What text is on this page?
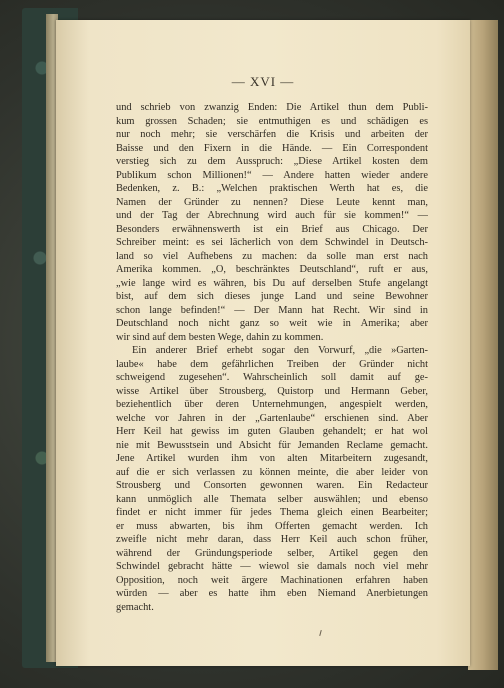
— XVI —
und schrieb von zwanzig Enden: Die Artikel thun dem Publi-
kum grossen Schaden; sie entmuthigen es und schädigen es
nur noch mehr; sie verschärfen die Krisis und arbeiten der
Baisse und den Fixern in die Hände. — Ein Correspondent
verstieg sich zu dem Ausspruch: „Diese Artikel kosten dem
Publikum schon Millionen!“ — Andere hatten wieder andere
Bedenken, z. B.: „Welchen praktischen Werth hat es, die
Namen der Gründer zu nennen? Diese Leute kennt man,
und der Tag der Abrechnung wird auch für sie kommen!“ —
Besonders erwähnenswerth ist ein Brief aus Chicago. Der
Schreiber meint: es sei lächerlich von dem Schwindel in Deutsch-
land so viel Aufhebens zu machen: da solle man erst nach
Amerika kommen. „O, beschränktes Deutschland“, ruft er aus,
„wie lange wird es währen, bis Du auf derselben Stufe angelangt
bist, auf dem sich dieses junge Land und seine Bewohner
schon lange befinden!“ — Der Mann hat Recht. Wir sind in
Deutschland noch nicht ganz so weit wie in Amerika; aber
wir sind auf dem besten Wege, dahin zu kommen.
Ein anderer Brief erhebt sogar den Vorwurf, „die »Garten-
laube« habe dem gefährlichen Treiben der Gründer nicht
schweigend zugesehen“. Wahrscheinlich soll damit auf ge-
wisse Artikel über Strousberg, Quistorp und Hermann Geber,
beziehentlich über deren Unternehmungen, angespielt werden,
welche vor Jahren in der „Gartenlaube“ erschienen sind. Aber
Herr Keil hat gewiss im guten Glauben gehandelt; er hat wol
nie mit Bewusstsein und Absicht für Jemanden Reclame gemacht.
Jene Artikel wurden ihm von alten Mitarbeitern zugesandt,
auf die er sich verlassen zu können meinte, die aber leider von
Strousberg und Consorten gewonnen waren. Ein Redacteur
kann unmöglich alle Themata selber auswählen; und ebenso
findet er nicht immer für jedes Thema gleich einen Bearbeiter;
er muss abwarten, bis ihm Offerten gemacht werden. Ich
zweifle nicht mehr daran, dass Herr Keil auch schon früher,
während der Gründungsperiode selber, Artikel gegen den
Schwindel gebracht hätte — wiewol sie damals noch viel mehr
Opposition, noch weit ärgere Machinationen erfahren haben
würden — aber es hatte ihm eben Niemand Anerbietungen
gemacht.
